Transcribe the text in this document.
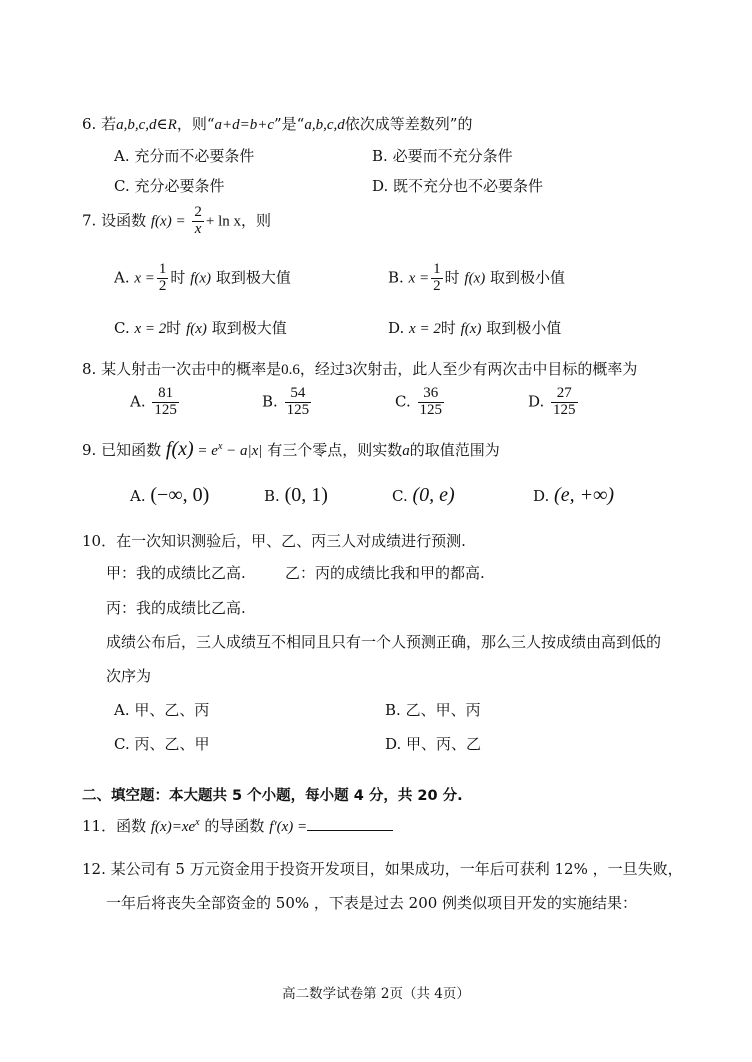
6. 若a,b,c,d∈R，则“a+d=b+c”是“a,b,c,d依次成等差数列”的
A. 充分而不必要条件	B. 必要而不充分条件
C. 充分必要条件	D. 既不充分也不必要条件
7. 设函数 $f(x) = \frac{2}{x} + \ln x$，则
A. $x = \frac{1}{2}$ 时 f(x) 取到极大值	B. $x = \frac{1}{2}$ 时 f(x) 取到极小值
C. x = 2时 f(x) 取到极大值	D. x = 2时 f(x) 取到极小值
8. 某人射击一次击中的概率是0.6，经过3次射击，此人至少有两次击中目标的概率为
A. $\frac{81}{125}$	B. $\frac{54}{125}$	C. $\frac{36}{125}$	D. $\frac{27}{125}$
9. 已知函数 $f(x) = e^x - a|x|$ 有三个零点，则实数a的取值范围为
A. (−∞, 0)	B. (0, 1)	C. (0, e)	D. (e, +∞)
10．在一次知识测验后，甲、乙、丙三人对成绩进行预测.
甲：我的成绩比乙高.	乙：丙的成绩比我和甲的都高.
丙：我的成绩比乙高.
成绩公布后，三人成绩互不相同且只有一个人预测正确，那么三人按成绩由高到低的
次序为
A. 甲、乙、丙	B. 乙、甲、丙
C. 丙、乙、甲	D. 甲、丙、乙
二、填空题：本大题共 5 个小题，每小题 4 分，共 20 分.
11．函数 $f(x)=xe^x$ 的导函数 f′(x) =
12. 某公司有 5 万元资金用于投资开发项目，如果成功，一年后可获利 12% ，一旦失败，
一年后将丧失全部资金的 50% ，下表是过去 200 例类似项目开发的实施结果：
高二数学试卷第 2页（共 4页）
